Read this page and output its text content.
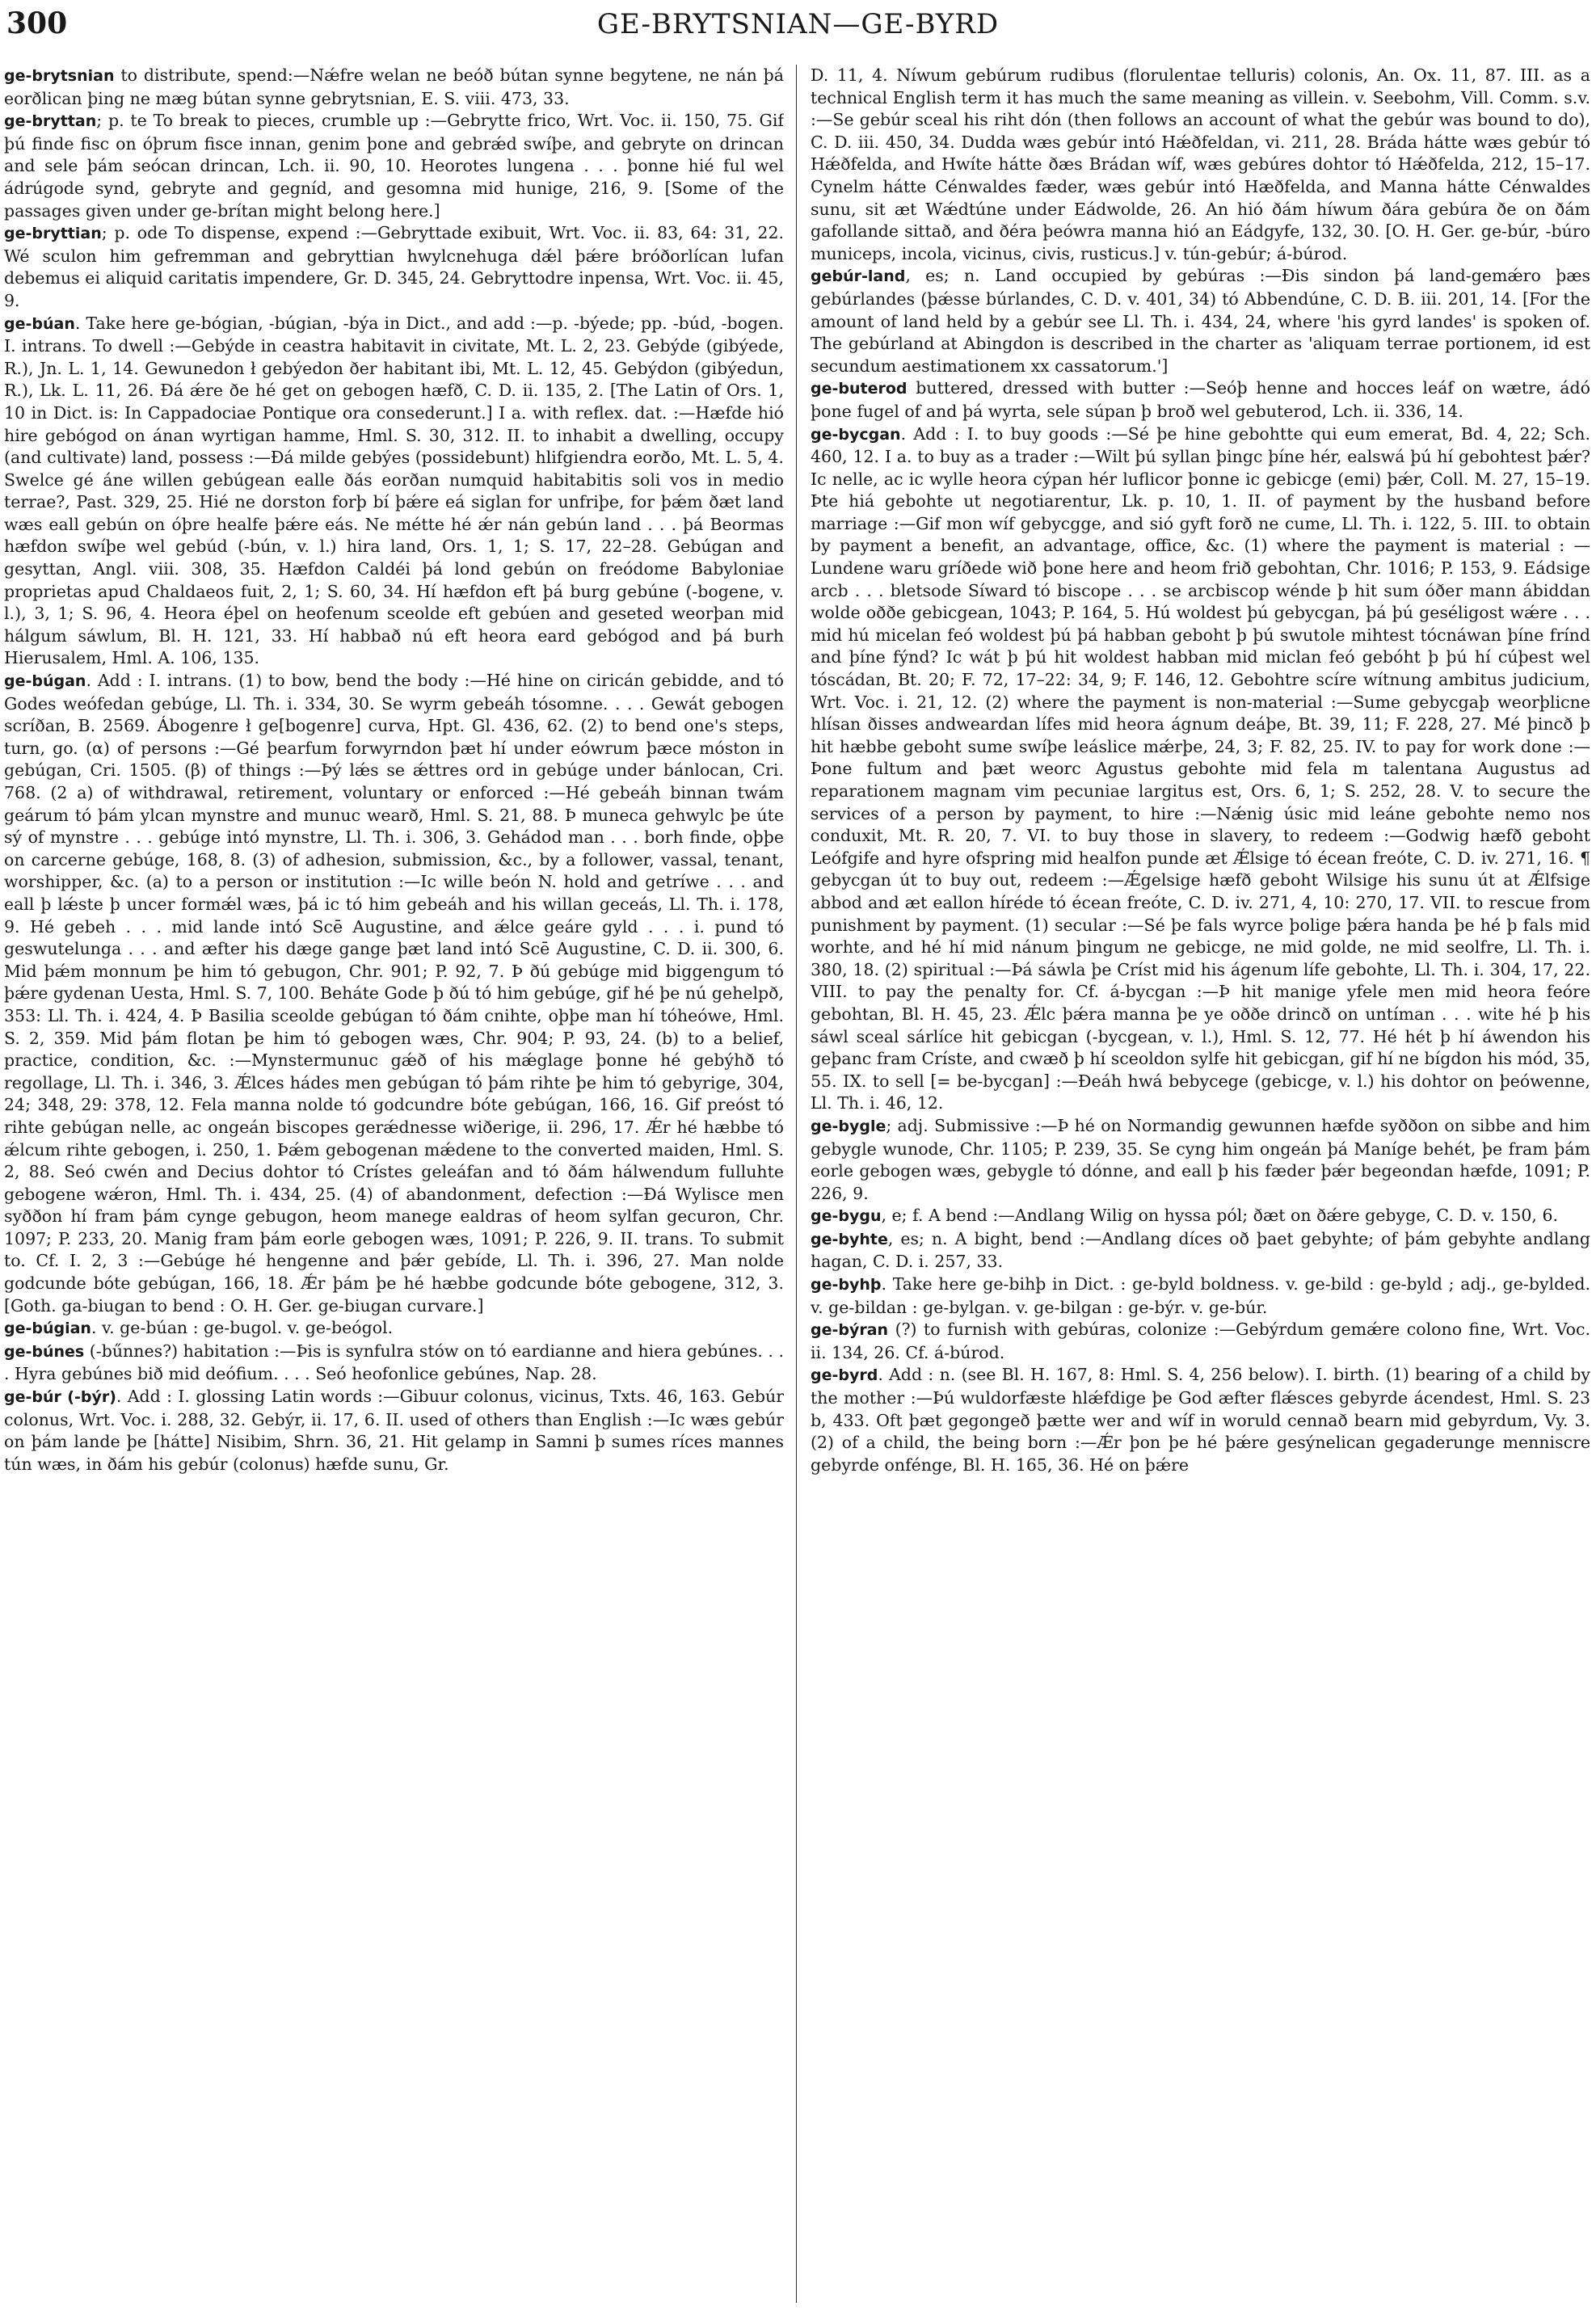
300	GE-BRYTSNIAN—GE-BYRD

ge-brytsnian to distribute, spend:—Nǽfre welan ne beóð bútan synne begytene, ne nán þá eorðlican þing ne mæg bútan synne gebrytsnian, E. S. viii. 473, 33.

ge-bryttan; p. te To break to pieces, crumble up :—Gebrytte frico, Wrt. Voc. ii. 150, 75. Gif þú finde fisc on óþrum fisce innan, genim þone and gebrǽd swíþe, and gebryte on drincan and sele þám seócan drincan, Lch. ii. 90, 10. Heorotes lungena . . . þonne hié ful wel ádrúgode synd, gebryte and gegníd, and gesomna mid hunige, 216, 9. [Some of the passages given under ge-brítan might belong here.]

ge-bryttian; p. ode To dispense, expend :—Gebryttade exibuit, Wrt. Voc. ii. 83, 64: 31, 22. Wé sculon him gefremman and gebryttian hwylcnehuga dǽl þǽre bróðorlícan lufan debemus ei aliquid caritatis impendere, Gr. D. 345, 24. Gebryttodre inpensa, Wrt. Voc. ii. 45, 9.

ge-búan. Take here ge-bógian, -búgian, -býa in Dict., and add :—p. -býede; pp. -búd, -bogen. I. intrans. To dwell :—Gebýde in ceastra habitavit in civitate, Mt. L. 2, 23. Gebýde (gibýede, R.), Jn. L. 1, 14. Gewunedon ł gebýedon ðer habitant ibi, Mt. L. 12, 45. Gebýdon (gibýedun, R.), Lk. L. 11, 26. Ðá ǽre ðe hé get on gebogen hæfð, C. D. ii. 135, 2. [The Latin of Ors. 1, 10 in Dict. is: In Cappadociae Pontique ora consederunt.] I a. with reflex. dat. :—Hæfde hió hire gebógod on ánan wyrtigan hamme, Hml. S. 30, 312. II. to inhabit a dwelling, occupy (and cultivate) land, possess :—Ðá milde gebýes (possidebunt) hlifgiendra eorðo, Mt. L. 5, 4. Swelce gé áne willen gebúgean ealle ðás eorðan numquid habitabitis soli vos in medio terrae?, Past. 329, 25. Hié ne dorston forþ bí þǽre eá siglan for unfriþe, for þǽm ðæt land wæs eall gebún on óþre healfe þǽre eás. Ne métte hé ǽr nán gebún land . . . þá Beormas hæfdon swíþe wel gebúd (-bún, v. l.) hira land, Ors. 1, 1; S. 17, 22–28. Gebúgan and gesyttan, Angl. viii. 308, 35. Hæfdon Caldéi þá lond gebún on freódome Babyloniae proprietas apud Chaldaeos fuit, 2, 1; S. 60, 34. Hí hæfdon eft þá burg gebúne (-bogene, v. l.), 3, 1; S. 96, 4. Heora éþel on heofenum sceolde eft gebúen and geseted weorþan mid hálgum sáwlum, Bl. H. 121, 33. Hí habbað nú eft heora eard gebógod and þá burh Hierusalem, Hml. A. 106, 135.

ge-búgan. Add : I. intrans. (1) to bow, bend the body :—Hé hine on ciricán gebidde, and tó Godes weófedan gebúge, Ll. Th. i. 334, 30. Se wyrm gebeáh tósomne. . . . Gewát gebogen scríðan, B. 2569. Ábogenre ł ge[bogenre] curva, Hpt. Gl. 436, 62. (2) to bend one's steps, turn, go. (α) of persons :—Gé þearfum forwyrndon þæt hí under eówrum þæce móston in gebúgan, Cri. 1505. (β) of things :—Þý lǽs se ǽttres ord in gebúge under bánlocan, Cri. 768. (2 a) of withdrawal, retirement, voluntary or enforced :—Hé gebeáh binnan twám geárum tó þám ylcan mynstre and munuc wearð, Hml. S. 21, 88. Þ muneca gehwylc þe úte sý of mynstre . . . gebúge intó mynstre, Ll. Th. i. 306, 3. Gehádod man . . . borh finde, oþþe on carcerne gebúge, 168, 8. (3) of adhesion, submission, &c., by a follower, vassal, tenant, worshipper, &c. (a) to a person or institution :—Ic wille beón N. hold and getríwe . . . and eall þ lǽste þ uncer formǽl wæs, þá ic tó him gebeáh and his willan geceás, Ll. Th. i. 178, 9. Hé gebeh . . . mid lande intó Scē Augustine, and ǽlce geáre gyld . . . i. pund tó geswutelunga . . . and æfter his dæge gange þæt land intó Scē Augustine, C. D. ii. 300, 6. Mid þǽm monnum þe him tó gebugon, Chr. 901; P. 92, 7. Þ ðú gebúge mid biggengum tó þǽre gydenan Uesta, Hml. S. 7, 100. Beháte Gode þ ðú tó him gebúge, gif hé þe nú gehelpð, 353: Ll. Th. i. 424, 4. Þ Basilia sceolde gebúgan tó ðám cnihte, oþþe man hí tóheówe, Hml. S. 2, 359. Mid þám flotan þe him tó gebogen wæs, Chr. 904; P. 93, 24. (b) to a belief, practice, condition, &c. :—Mynstermunuc gǽð of his mǽglage þonne hé gebýhð tó regollage, Ll. Th. i. 346, 3. Ǽlces hádes men gebúgan tó þám rihte þe him tó gebyrige, 304, 24; 348, 29: 378, 12. Fela manna nolde tó godcundre bóte gebúgan, 166, 16. Gif preóst tó rihte gebúgan nelle, ac ongeán biscopes gerǽdnesse wiðerige, ii. 296, 17. Ǽr hé hæbbe tó ǽlcum rihte gebogen, i. 250, 1. Þǽm gebogenan mǽdene to the converted maiden, Hml. S. 2, 88. Seó cwén and Decius dohtor tó Crístes geleáfan and tó ðám hálwendum fulluhte gebogene wǽron, Hml. Th. i. 434, 25. (4) of abandonment, defection :—Ðá Wylisce men syððon hí fram þám cynge gebugon, heom manege ealdras of heom sylfan gecuron, Chr. 1097; P. 233, 20. Manig fram þám eorle gebogen wæs, 1091; P. 226, 9. II. trans. To submit to. Cf. I. 2, 3 :—Gebúge hé hengenne and þǽr gebíde, Ll. Th. i. 396, 27. Man nolde godcunde bóte gebúgan, 166, 18. Ǽr þám þe hé hæbbe godcunde bóte gebogene, 312, 3. [Goth. ga-biugan to bend : O. H. Ger. ge-biugan curvare.]

ge-búgian. v. ge-búan : ge-bugol. v. ge-beógol.

ge-búnes (-bűnnes?) habitation :—Þis is synfulra stów on tó eardianne and hiera gebúnes. . . . Hyra gebúnes bið mid deófium. . . . Seó heofonlice gebúnes, Nap. 28.

ge-búr (-býr). Add : I. glossing Latin words :—Gibuur colonus, vicinus, Txts. 46, 163. Gebúr colonus, Wrt. Voc. i. 288, 32. Gebýr, ii. 17, 6. II. used of others than English :—Ic wæs gebúr on þám lande þe [hátte] Nisibim, Shrn. 36, 21. Hit gelamp in Samni þ sumes ríces mannes tún wæs, in ðám his gebúr (colonus) hæfde sunu, Gr.

D. 11, 4. Níwum gebúrum rudibus (florulentae telluris) colonis, An. Ox. 11, 87. III. as a technical English term it has much the same meaning as villein. v. Seebohm, Vill. Comm. s.v. :—Se gebúr sceal his riht dón (then follows an account of what the gebúr was bound to do), C. D. iii. 450, 34. Dudda wæs gebúr intó Hǽðfeldan, vi. 211, 28. Bráda hátte wæs gebúr tó Hǽðfelda, and Hwíte hátte ðæs Brádan wíf, wæs gebúres dohtor tó Hǽðfelda, 212, 15–17. Cynelm hátte Cénwaldes fæder, wæs gebúr intó Hæðfelda, and Manna hátte Cénwaldes sunu, sit æt Wǽdtúne under Eádwolde, 26. An hió ðám híwum ðára gebúra ðe on ðám gafollande sittað, and ðéra þeówra manna hió an Eádgyfe, 132, 30. [O. H. Ger. ge-búr, -búro municeps, incola, vicinus, civis, rusticus.] v. tún-gebúr; á-búrod.

gebúr-land, es; n. Land occupied by gebúras :—Ðis sindon þá land-gemǽro þæs gebúrlandes (þǽsse búrlandes, C. D. v. 401, 34) tó Abbendúne, C. D. B. iii. 201, 14. [For the amount of land held by a gebúr see Ll. Th. i. 434, 24, where 'his gyrd landes' is spoken of. The gebúrland at Abingdon is described in the charter as 'aliquam terrae portionem, id est secundum aestimationem xx cassatorum.']

ge-buterod buttered, dressed with butter :—Seóþ henne and hocces leáf on wætre, ádó þone fugel of and þá wyrta, sele súpan þ broð wel gebuterod, Lch. ii. 336, 14.

ge-bycgan. Add : I. to buy goods :—Sé þe hine gebohtte qui eum emerat, Bd. 4, 22; Sch. 460, 12. I a. to buy as a trader :—Wilt þú syllan þingc þíne hér, ealswá þú hí gebohtest þǽr? Ic nelle, ac ic wylle heora cýpan hér luflicor þonne ic gebicge (emi) þǽr, Coll. M. 27, 15–19. Þte hiá gebohte ut negotiarentur, Lk. p. 10, 1. II. of payment by the husband before marriage :—Gif mon wíf gebycgge, and sió gyft forð ne cume, Ll. Th. i. 122, 5. III. to obtain by payment a benefit, an advantage, office, &c. (1) where the payment is material : —Lundene waru gríðede wið þone here and heom frið gebohtan, Chr. 1016; P. 153, 9. Eádsige arcb . . . bletsode Síward tó biscope . . . se arcbiscop wénde þ hit sum óðer mann ábiddan wolde oððe gebicgean, 1043; P. 164, 5. Hú woldest þú gebycgan, þá þú geséligost wǽre . . . mid hú micelan feó woldest þú þá habban geboht þ þú swutole mihtest tócnáwan þíne frínd and þíne fýnd? Ic wát þ þú hit woldest habban mid miclan feó gebóht þ þú hí cúþest wel tóscádan, Bt. 20; F. 72, 17–22: 34, 9; F. 146, 12. Gebohtre scíre wítnung ambitus judicium, Wrt. Voc. i. 21, 12. (2) where the payment is non-material :—Sume gebycgaþ weorþlicne hlísan ðisses andweardan lífes mid heora ágnum deáþe, Bt. 39, 11; F. 228, 27. Mé þincð þ hit hæbbe geboht sume swíþe leáslice mǽrþe, 24, 3; F. 82, 25. IV. to pay for work done :—Þone fultum and þæt weorc Agustus gebohte mid fela m talentana Augustus ad reparationem magnam vim pecuniae largitus est, Ors. 6, 1; S. 252, 28. V. to secure the services of a person by payment, to hire :—Nǽnig úsic mid leáne gebohte nemo nos conduxit, Mt. R. 20, 7. VI. to buy those in slavery, to redeem :—Godwig hæfð geboht Leófgife and hyre ofspring mid healfon punde æt Ǽlsige tó écean freóte, C. D. iv. 271, 16. ¶ gebycgan út to buy out, redeem :—Ǽgelsige hæfð geboht Wilsige his sunu út at Ǽlfsige abbod and æt eallon híréde tó écean freóte, C. D. iv. 271, 4, 10: 270, 17. VII. to rescue from punishment by payment. (1) secular :—Sé þe fals wyrce þolige þǽra handa þe hé þ fals mid worhte, and hé hí mid nánum þingum ne gebicge, ne mid golde, ne mid seolfre, Ll. Th. i. 380, 18. (2) spiritual :—Þá sáwla þe Críst mid his ágenum lífe gebohte, Ll. Th. i. 304, 17, 22. VIII. to pay the penalty for. Cf. á-bycgan :—Þ hit manige yfele men mid heora feóre gebohtan, Bl. H. 45, 23. Ǽlc þǽra manna þe ye oððe drincð on untíman . . . wite hé þ his sáwl sceal sárlíce hit gebicgan (-bycgean, v. l.), Hml. S. 12, 77. Hé hét þ hí áwendon his geþanc fram Críste, and cwæð þ hí sceoldon sylfe hit gebicgan, gif hí ne bígdon his mód, 35, 55. IX. to sell [= be-bycgan] :—Ðeáh hwá bebycege (gebicge, v. l.) his dohtor on þeówenne, Ll. Th. i. 46, 12.

ge-bygle; adj. Submissive :—Þ hé on Normandig gewunnen hæfde syððon on sibbe and him gebygle wunode, Chr. 1105; P. 239, 35. Se cyng him ongeán þá Maníge behét, þe fram þám eorle gebogen wæs, gebygle tó dónne, and eall þ his fæder þǽr begeondan hæfde, 1091; P. 226, 9.

ge-bygu, e; f. A bend :—Andlang Wilig on hyssa pól; ðæt on ðǽre gebyge, C. D. v. 150, 6.

ge-byhte, es; n. A bight, bend :—Andlang díces oð þaet gebyhte; of þám gebyhte andlang hagan, C. D. i. 257, 33.

ge-byhþ. Take here ge-bihþ in Dict. : ge-byld boldness. v. ge-bild : ge-byld ; adj., ge-bylded. v. ge-bildan : ge-bylgan. v. ge-bilgan : ge-býr. v. ge-búr.

ge-býran (?) to furnish with gebúras, colonize :—Gebýrdum gemǽre colono fine, Wrt. Voc. ii. 134, 26. Cf. á-búrod.

ge-byrd. Add : n. (see Bl. H. 167, 8: Hml. S. 4, 256 below). I. birth. (1) bearing of a child by the mother :—Þú wuldorfæste hlǽfdige þe God æfter flǽsces gebyrde ácendest, Hml. S. 23 b, 433. Oft þæt gegongeð þætte wer and wíf in woruld cennað bearn mid gebyrdum, Vy. 3. (2) of a child, the being born :—Ǽr þon þe hé þǽre gesýnelican gegaderunge menniscre gebyrde onfénge, Bl. H. 165, 36. Hé on þǽre
